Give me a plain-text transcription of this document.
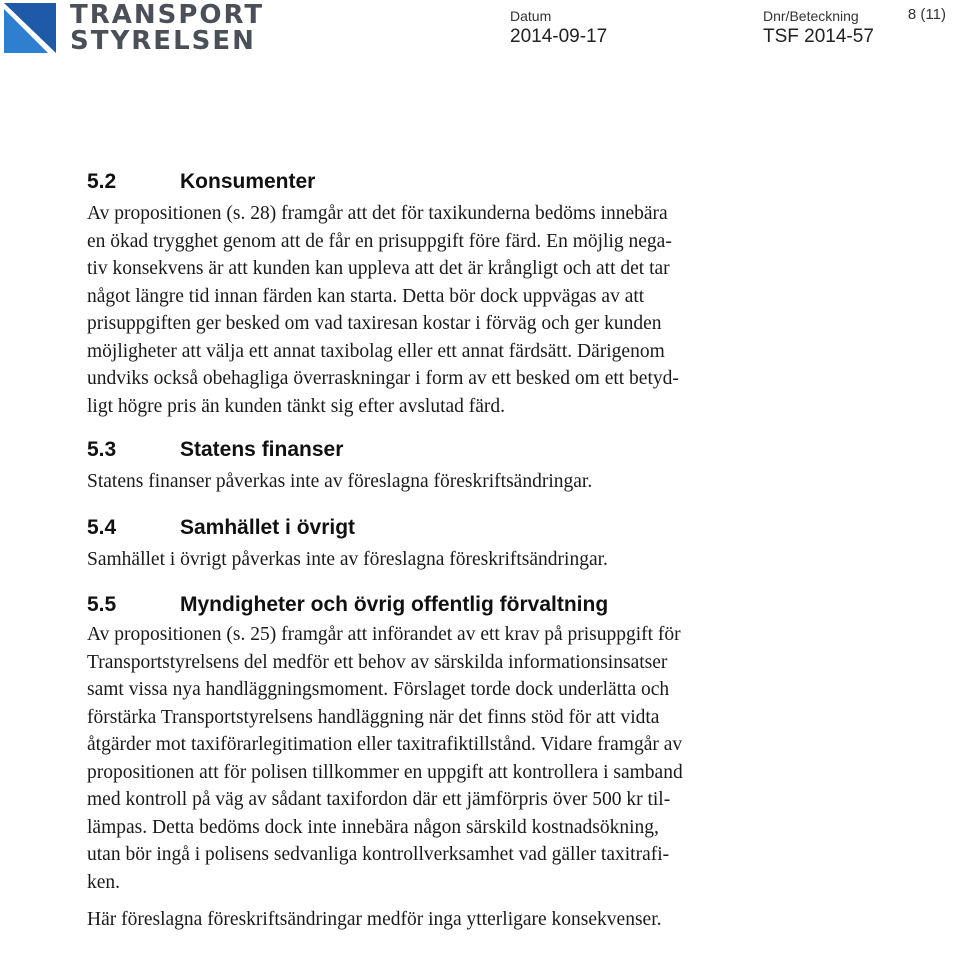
TRANSPORT
STYRELSEN
Datum
2014-09-17
Dnr/Beteckning
TSF 2014-57
8 (11)
5.2	Konsumenter

Av propositionen (s. 28) framgår att det för taxikunderna bedöms innebära
en ökad trygghet genom att de får en prisuppgift före färd. En möjlig nega-
tiv konsekvens är att kunden kan uppleva att det är krångligt och att det tar
något längre tid innan färden kan starta. Detta bör dock uppvägas av att
prisuppgiften ger besked om vad taxiresan kostar i förväg och ger kunden
möjligheter att välja ett annat taxibolag eller ett annat färdsätt. Därigenom
undviks också obehagliga överraskningar i form av ett besked om ett betyd-
ligt högre pris än kunden tänkt sig efter avslutad färd.

5.3	Statens finanser

Statens finanser påverkas inte av föreslagna föreskriftsändringar.

5.4	Samhället i övrigt

Samhället i övrigt påverkas inte av föreslagna föreskriftsändringar.

5.5	Myndigheter och övrig offentlig förvaltning

Av propositionen (s. 25) framgår att införandet av ett krav på prisuppgift för
Transportstyrelsens del medför ett behov av särskilda informationsinsatser
samt vissa nya handläggningsmoment. Förslaget torde dock underlätta och
förstärka Transportstyrelsens handläggning när det finns stöd för att vidta
åtgärder mot taxiförarlegitimation eller taxitrafiktillstånd. Vidare framgår av
propositionen att för polisen tillkommer en uppgift att kontrollera i samband
med kontroll på väg av sådant taxifordon där ett jämförpris över 500 kr til-
lämpas. Detta bedöms dock inte innebära någon särskild kostnadsökning,
utan bör ingå i polisens sedvanliga kontrollverksamhet vad gäller taxitrafi-
ken.

Här föreslagna föreskriftsändringar medför inga ytterligare konsekvenser.
